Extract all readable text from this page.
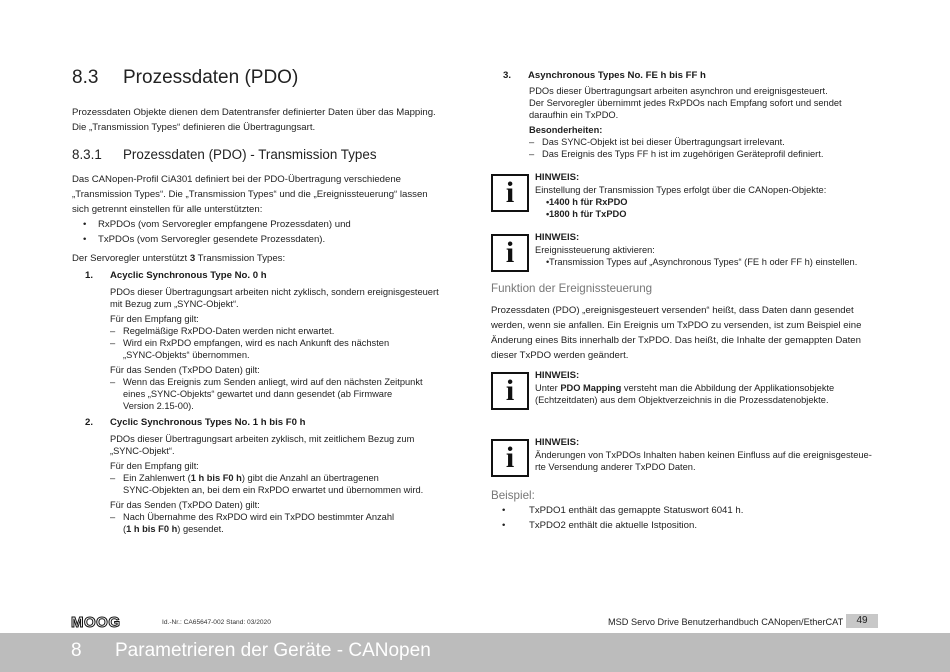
8.3 Prozessdaten (PDO)
Prozessdaten Objekte dienen dem Datentransfer definierter Daten über das Mapping.
Die „Transmission Types“ definieren die Übertragungsart.
8.3.1 Prozessdaten (PDO) - Transmission Types
Das CANopen-Profil CiA301 definiert bei der PDO-Übertragung verschiedene
„Transmission Types“. Die „Transmission Types“ und die „Ereignissteuerung“ lassen
sich getrennt einstellen für alle unterstützten:
• RxPDOs (vom Servoregler empfangene Prozessdaten) und
• TxPDOs (vom Servoregler gesendete Prozessdaten).
Der Servoregler unterstützt 3 Transmission Types:
1. Acyclic Synchronous Type No. 0 h
PDOs dieser Übertragungsart arbeiten nicht zyklisch, sondern ereignisgesteuert
mit Bezug zum „SYNC-Objekt“.
Für den Empfang gilt:
– Regelmäßige RxPDO-Daten werden nicht erwartet.
– Wird ein RxPDO empfangen, wird es nach Ankunft des nächsten
„SYNC-Objekts“ übernommen.
Für das Senden (TxPDO Daten) gilt:
– Wenn das Ereignis zum Senden anliegt, wird auf den nächsten Zeitpunkt
eines „SYNC-Objekts“ gewartet und dann gesendet (ab Firmware
Version 2.15-00).
2. Cyclic Synchronous Types No. 1 h bis F0 h
PDOs dieser Übertragungsart arbeiten zyklisch, mit zeitlichem Bezug zum
„SYNC-Objekt“.
Für den Empfang gilt:
– Ein Zahlenwert (1 h bis F0 h) gibt die Anzahl an übertragenen
SYNC-Objekten an, bei dem ein RxPDO erwartet und übernommen wird.
Für das Senden (TxPDO Daten) gilt:
– Nach Übernahme des RxPDO wird ein TxPDO bestimmter Anzahl
(1 h bis F0 h) gesendet.
3. Asynchronous Types No. FE h bis FF h
PDOs dieser Übertragungsart arbeiten asynchron und ereignisgesteuert.
Der Servoregler übernimmt jedes RxPDOs nach Empfang sofort und sendet
daraufhin ein TxPDO.
Besonderheiten:
– Das SYNC-Objekt ist bei dieser Übertragungsart irrelevant.
– Das Ereignis des Typs FF h ist im zugehörigen Geräteprofil definiert.
i HINWEIS:
Einstellung der Transmission Types erfolgt über die CANopen-Objekte:
• 1400 h für RxPDO
• 1800 h für TxPDO
i HINWEIS:
Ereignissteuerung aktivieren:
• Transmission Types auf „Asynchronous Types“ (FE h oder FF h) einstellen.
Funktion der Ereignissteuerung
Prozessdaten (PDO) „ereignisgesteuert versenden“ heißt, dass Daten dann gesendet
werden, wenn sie anfallen. Ein Ereignis um TxPDO zu versenden, ist zum Beispiel eine
Änderung eines Bits innerhalb der TxPDO. Das heißt, die Inhalte der gemappten Daten
dieser TxPDO werden geändert.
i HINWEIS:
Unter PDO Mapping versteht man die Abbildung der Applikationsobjekte
(Echtzeitdaten) aus dem Objektverzeichnis in die Prozessdatenobjekte.
i HINWEIS:
Änderungen von TxPDOs Inhalten haben keinen Einfluss auf die ereignisgesteue-
rte Versendung anderer TxPDO Daten.
Beispiel:
• TxPDO1 enthält das gemappte Statuswort 6041 h.
• TxPDO2 enthält die aktuelle Istposition.
MOOG	Id.-Nr.: CA65647-002 Stand: 03/2020	MSD Servo Drive Benutzerhandbuch CANopen/EtherCAT	49
8 Parametrieren der Geräte - CANopen
